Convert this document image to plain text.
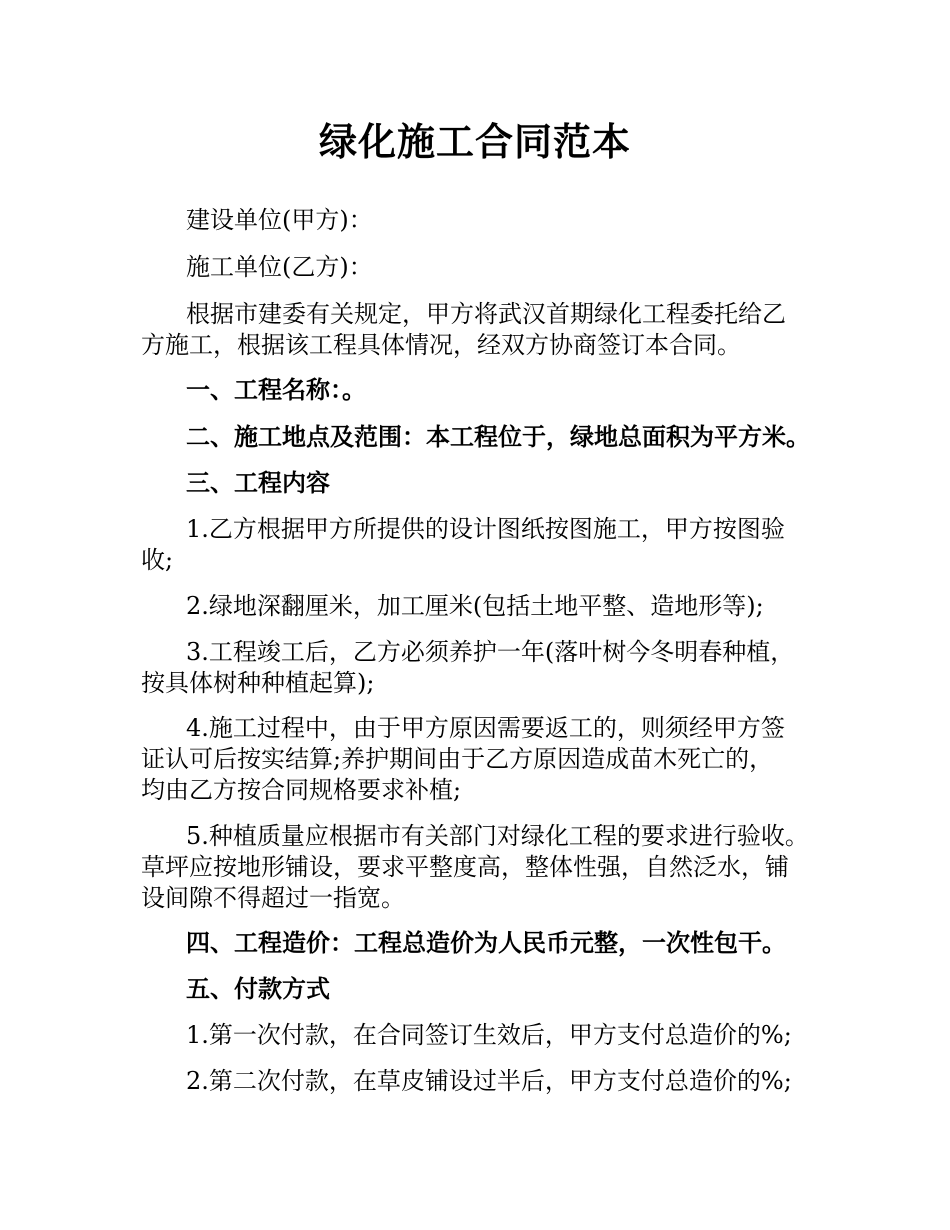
绿化施工合同范本
建设单位(甲方)：
施工单位(乙方)：
根据市建委有关规定，甲方将武汉首期绿化工程委托给乙
方施工，根据该工程具体情况，经双方协商签订本合同。
一、工程名称：。
二、施工地点及范围：本工程位于，绿地总面积为平方米。
三、工程内容
1.乙方根据甲方所提供的设计图纸按图施工，甲方按图验
收;
2.绿地深翻厘米，加工厘米(包括土地平整、造地形等);
3.工程竣工后，乙方必须养护一年(落叶树今冬明春种植，
按具体树种种植起算);
4.施工过程中，由于甲方原因需要返工的，则须经甲方签
证认可后按实结算;养护期间由于乙方原因造成苗木死亡的，
均由乙方按合同规格要求补植;
5.种植质量应根据市有关部门对绿化工程的要求进行验收。
草坪应按地形铺设，要求平整度高，整体性强，自然泛水，铺
设间隙不得超过一指宽。
四、工程造价：工程总造价为人民币元整，一次性包干。
五、付款方式
1.第一次付款，在合同签订生效后，甲方支付总造价的%;
2.第二次付款，在草皮铺设过半后，甲方支付总造价的%;
